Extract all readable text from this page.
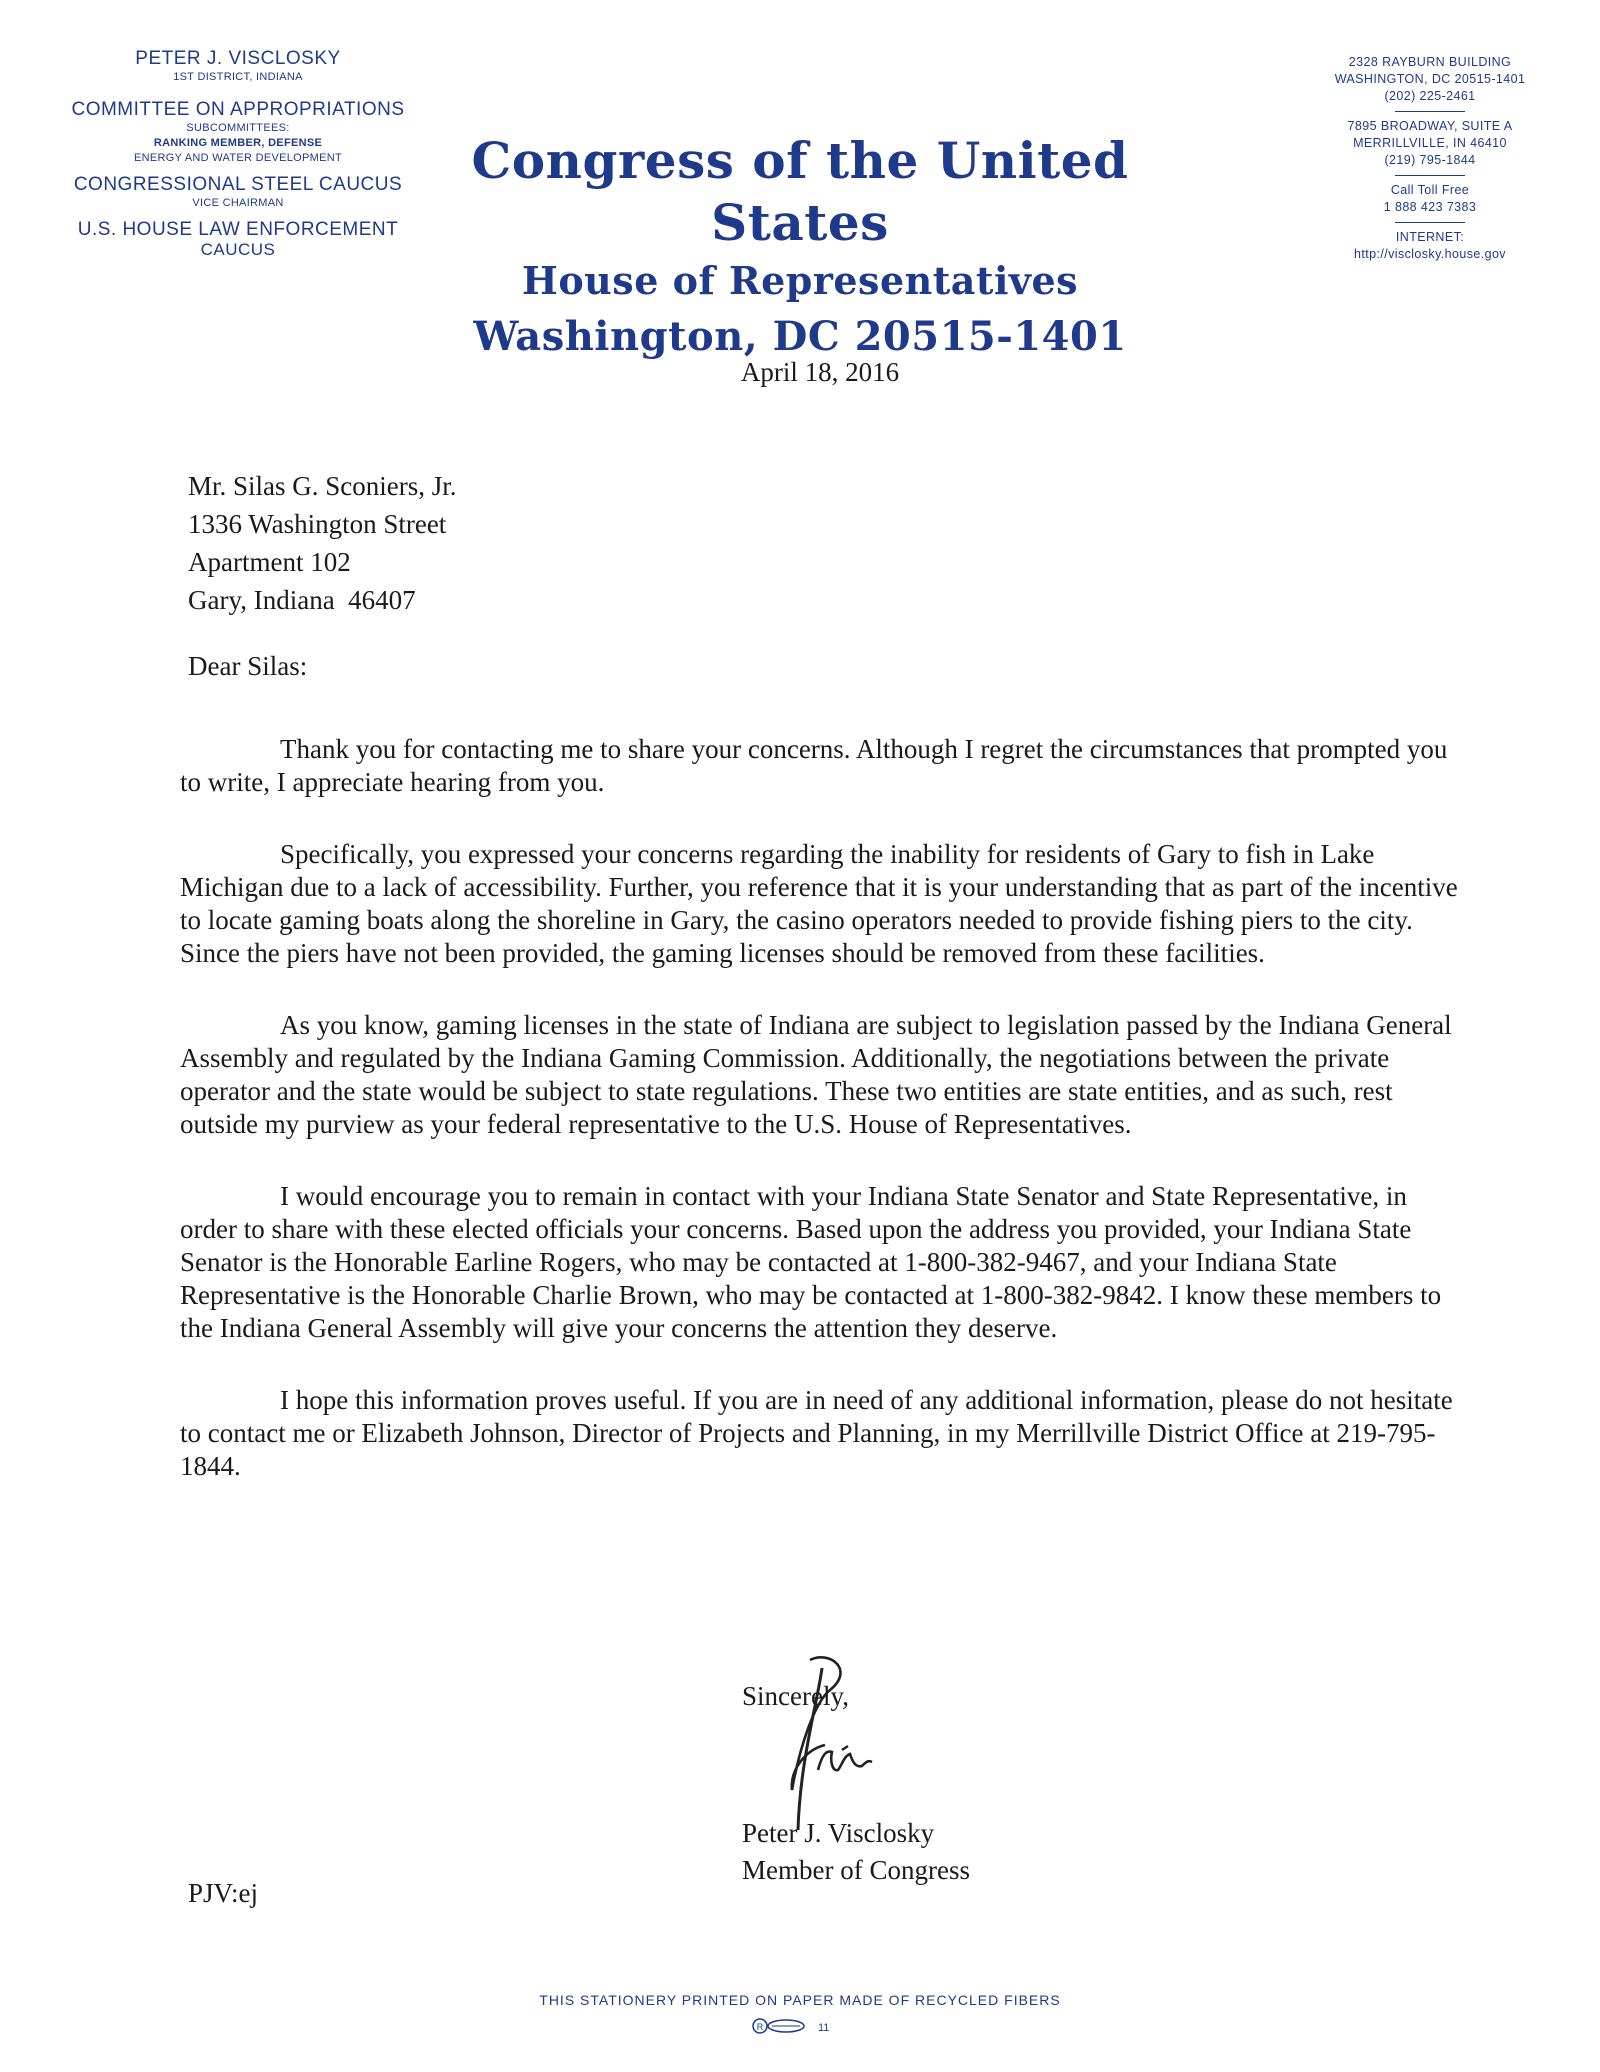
PETER J. VISCLOSKY
1ST DISTRICT, INDIANA
COMMITTEE ON APPROPRIATIONS
SUBCOMMITTEES:
RANKING MEMBER, DEFENSE
ENERGY AND WATER DEVELOPMENT
CONGRESSIONAL STEEL CAUCUS
VICE CHAIRMAN
U.S. HOUSE LAW ENFORCEMENT
CAUCUS
Congress of the United States
House of Representatives
Washington, DC 20515-1401
2328 RAYBURN BUILDING
WASHINGTON, DC 20515-1401
(202) 225-2461
7895 BROADWAY, SUITE A
MERRILLVILLE, IN 46410
(219) 795-1844
Call Toll Free
1 888 423 7383
INTERNET:
http://visclosky.house.gov
April 18, 2016
Mr. Silas G. Sconiers, Jr.
1336 Washington Street
Apartment 102
Gary, Indiana  46407
Dear Silas:

Thank you for contacting me to share your concerns. Although I regret the circumstances that prompted you to write, I appreciate hearing from you.

Specifically, you expressed your concerns regarding the inability for residents of Gary to fish in Lake Michigan due to a lack of accessibility. Further, you reference that it is your understanding that as part of the incentive to locate gaming boats along the shoreline in Gary, the casino operators needed to provide fishing piers to the city. Since the piers have not been provided, the gaming licenses should be removed from these facilities.

As you know, gaming licenses in the state of Indiana are subject to legislation passed by the Indiana General Assembly and regulated by the Indiana Gaming Commission. Additionally, the negotiations between the private operator and the state would be subject to state regulations. These two entities are state entities, and as such, rest outside my purview as your federal representative to the U.S. House of Representatives.

I would encourage you to remain in contact with your Indiana State Senator and State Representative, in order to share with these elected officials your concerns. Based upon the address you provided, your Indiana State Senator is the Honorable Earline Rogers, who may be contacted at 1-800-382-9467, and your Indiana State Representative is the Honorable Charlie Brown, who may be contacted at 1-800-382-9842. I know these members to the Indiana General Assembly will give your concerns the attention they deserve.

I hope this information proves useful. If you are in need of any additional information, please do not hesitate to contact me or Elizabeth Johnson, Director of Projects and Planning, in my Merrillville District Office at 219-795-1844.

Sincerely,
Peter J. Visclosky
Member of Congress
PJV:ej
THIS STATIONERY PRINTED ON PAPER MADE OF RECYCLED FIBERS
R	11
